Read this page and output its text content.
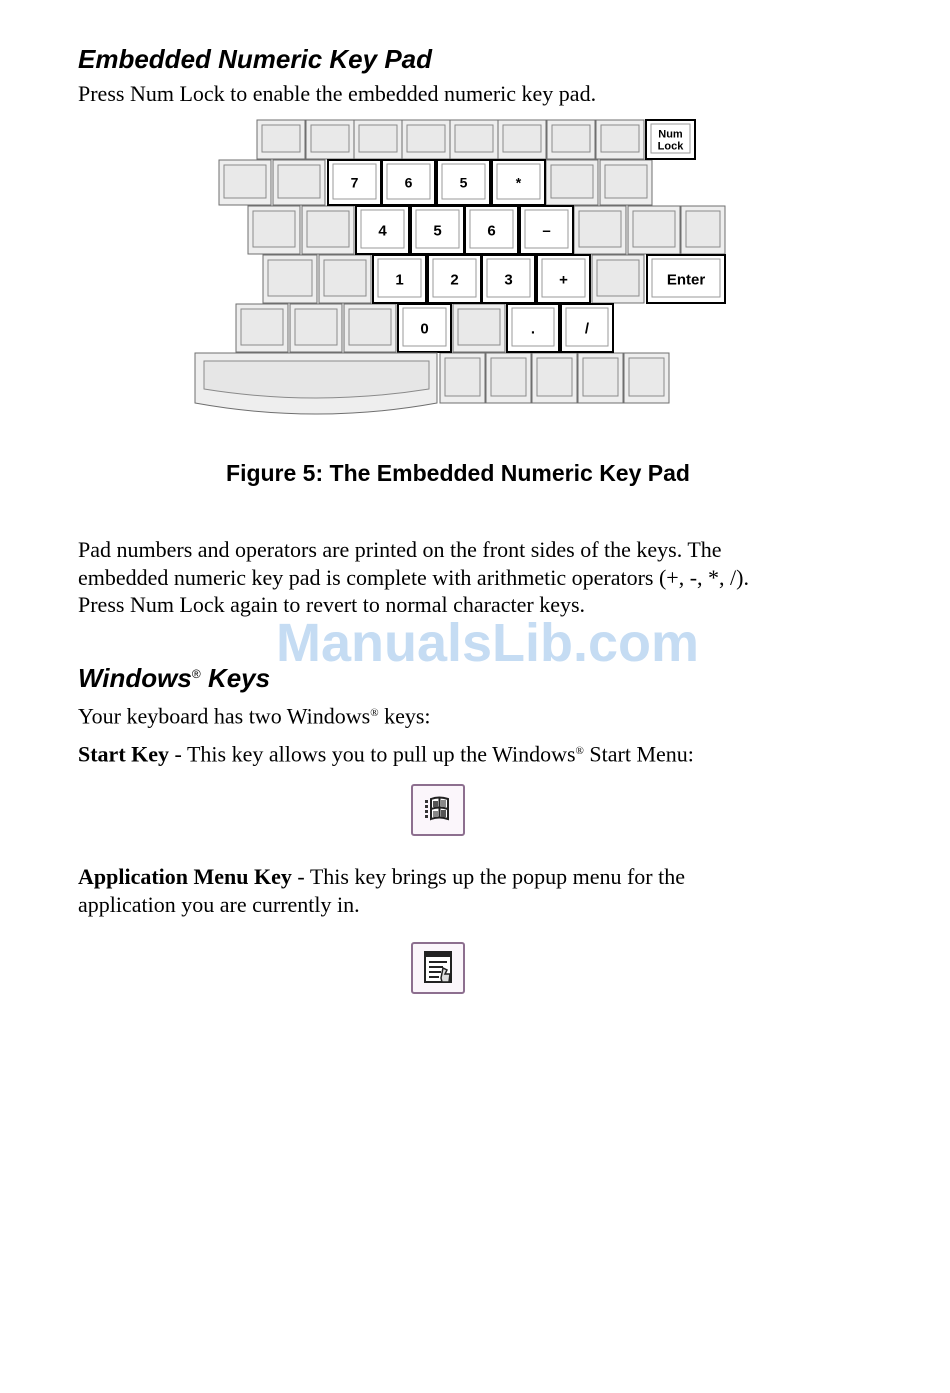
Embedded Numeric Key Pad
Press Num Lock to enable the embedded numeric key pad.
Num
Lock
7	6	5	*
4	5	6	–
1	2	3	+	Enter
0	.	/
Figure 5: The Embedded Numeric Key Pad
Pad numbers and operators are printed on the front sides of the keys. The
embedded numeric key pad is complete with arithmetic operators (+, -, *, /).
Press Num Lock again to revert to normal character keys.
ManualsLib.com
Windows® Keys
Your keyboard has two Windows® keys:
Start Key - This key allows you to pull up the Windows® Start Menu:
Application Menu Key - This key brings up the popup menu for the
application you are currently in.
